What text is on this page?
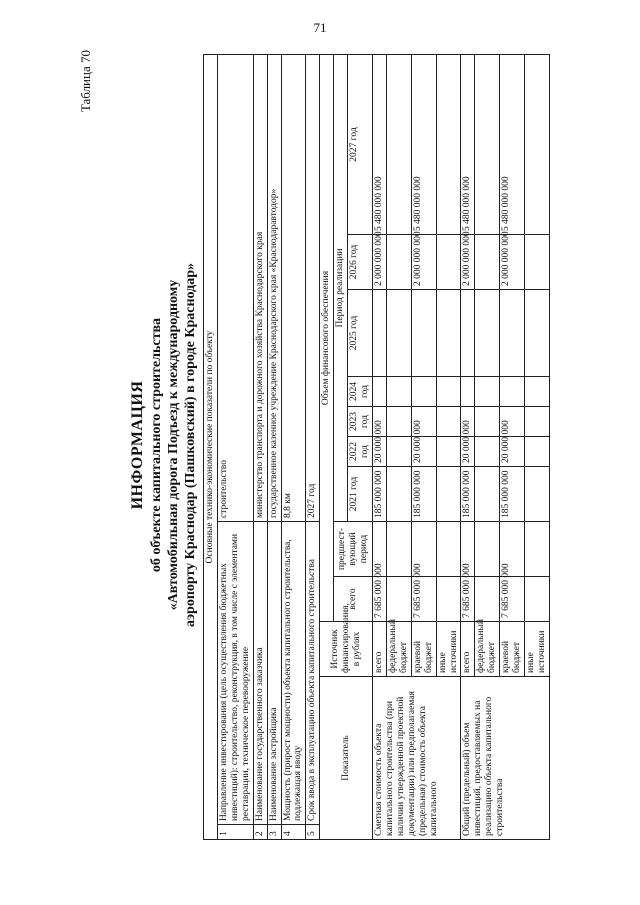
71
Таблица 70
ИНФОРМАЦИЯ об объекте капитального строительства «Автомобильная дорога Подъезд к международному аэропорту Краснодар (Пашковский) в городе Краснодар» Основные технико-экономические показатели по объекту											
1	Направление инвестирования (цель осуществления бюджетных инвестиций): строительство, реконструкция, в том числе с элементами реставрации, техническое перевооружение				строительство						
2	Наименование государственного заказчика				министерство транспорта и дорожного хозяйства Краснодарского края						
3	Наименование застройщика				государственное казенное учреждение Краснодарского края «Краснодаравтодор»						
4	Мощность (прирост мощности) объекта капитального строительства, подлежащая вводу				8,8 км						
5	Срок ввода в эксплуатацию объекта капитального строительства				2027 год						
Показатель		Источник финансирования, в рублях	Объем финансового обеспечения								
			всего	предшест-вующий период	Период реализации						
					2021 год	2022 год	2023 год	2024 год	2025 год	2026 год	2027 год
Сметная стоимость объекта капитального строительства (при наличии утвержденной проектной документации) или предполагаемая (предельная) стоимость объекта капитального		всего	7 685 000 000		185 000 000	20 000 000				2 000 000 000	5 480 000 000
		федеральный бюджет									
		краевой бюджет	7 685 000 000		185 000 000	20 000 000				2 000 000 000	5 480 000 000
		иные источники									
Общий (предельный) объем инвестиций, предоставляемых на реализацию объекта капитального строительства		всего	7 685 000 000		185 000 000	20 000 000				2 000 000 000	5 480 000 000
		федеральный бюджет									
		краевой бюджет	7 685 000 000		185 000 000	20 000 000				2 000 000 000	5 480 000 000
		иные источники									
